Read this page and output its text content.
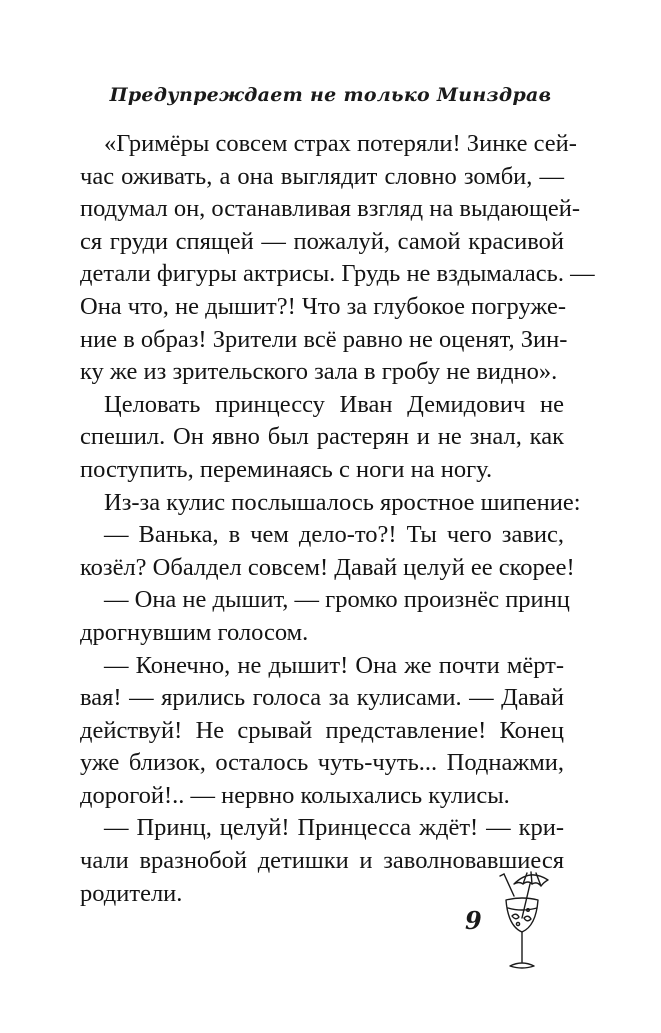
Предупреждает не только Минздрав
«Гримёры совсем страх потеряли! Зинке сей-
час оживать, а она выглядит словно зомби, —
подумал он, останавливая взгляд на выдающей-
ся груди спящей — пожалуй, самой красивой
детали фигуры актрисы. Грудь не вздымалась. —
Она что, не дышит?! Что за глубокое погруже-
ние в образ! Зрители всё равно не оценят, Зин-
ку же из зрительского зала в гробу не видно».
Целовать принцессу Иван Демидович не
спешил. Он явно был растерян и не знал, как
поступить, переминаясь с ноги на ногу.
Из-за кулис послышалось яростное шипение:
— Ванька, в чем дело-то?! Ты чего завис,
козёл? Обалдел совсем! Давай целуй ее скорее!
— Она не дышит, — громко произнёс принц
дрогнувшим голосом.
— Конечно, не дышит! Она же почти мёрт-
вая! — ярились голоса за кулисами. — Давай
действуй! Не срывай представление! Конец
уже близок, осталось чуть-чуть... Поднажми,
дорогой!.. — нервно колыхались кулисы.
— Принц, целуй! Принцесса ждёт! — кри-
чали вразнобой детишки и заволновавшиеся
родители.
9
